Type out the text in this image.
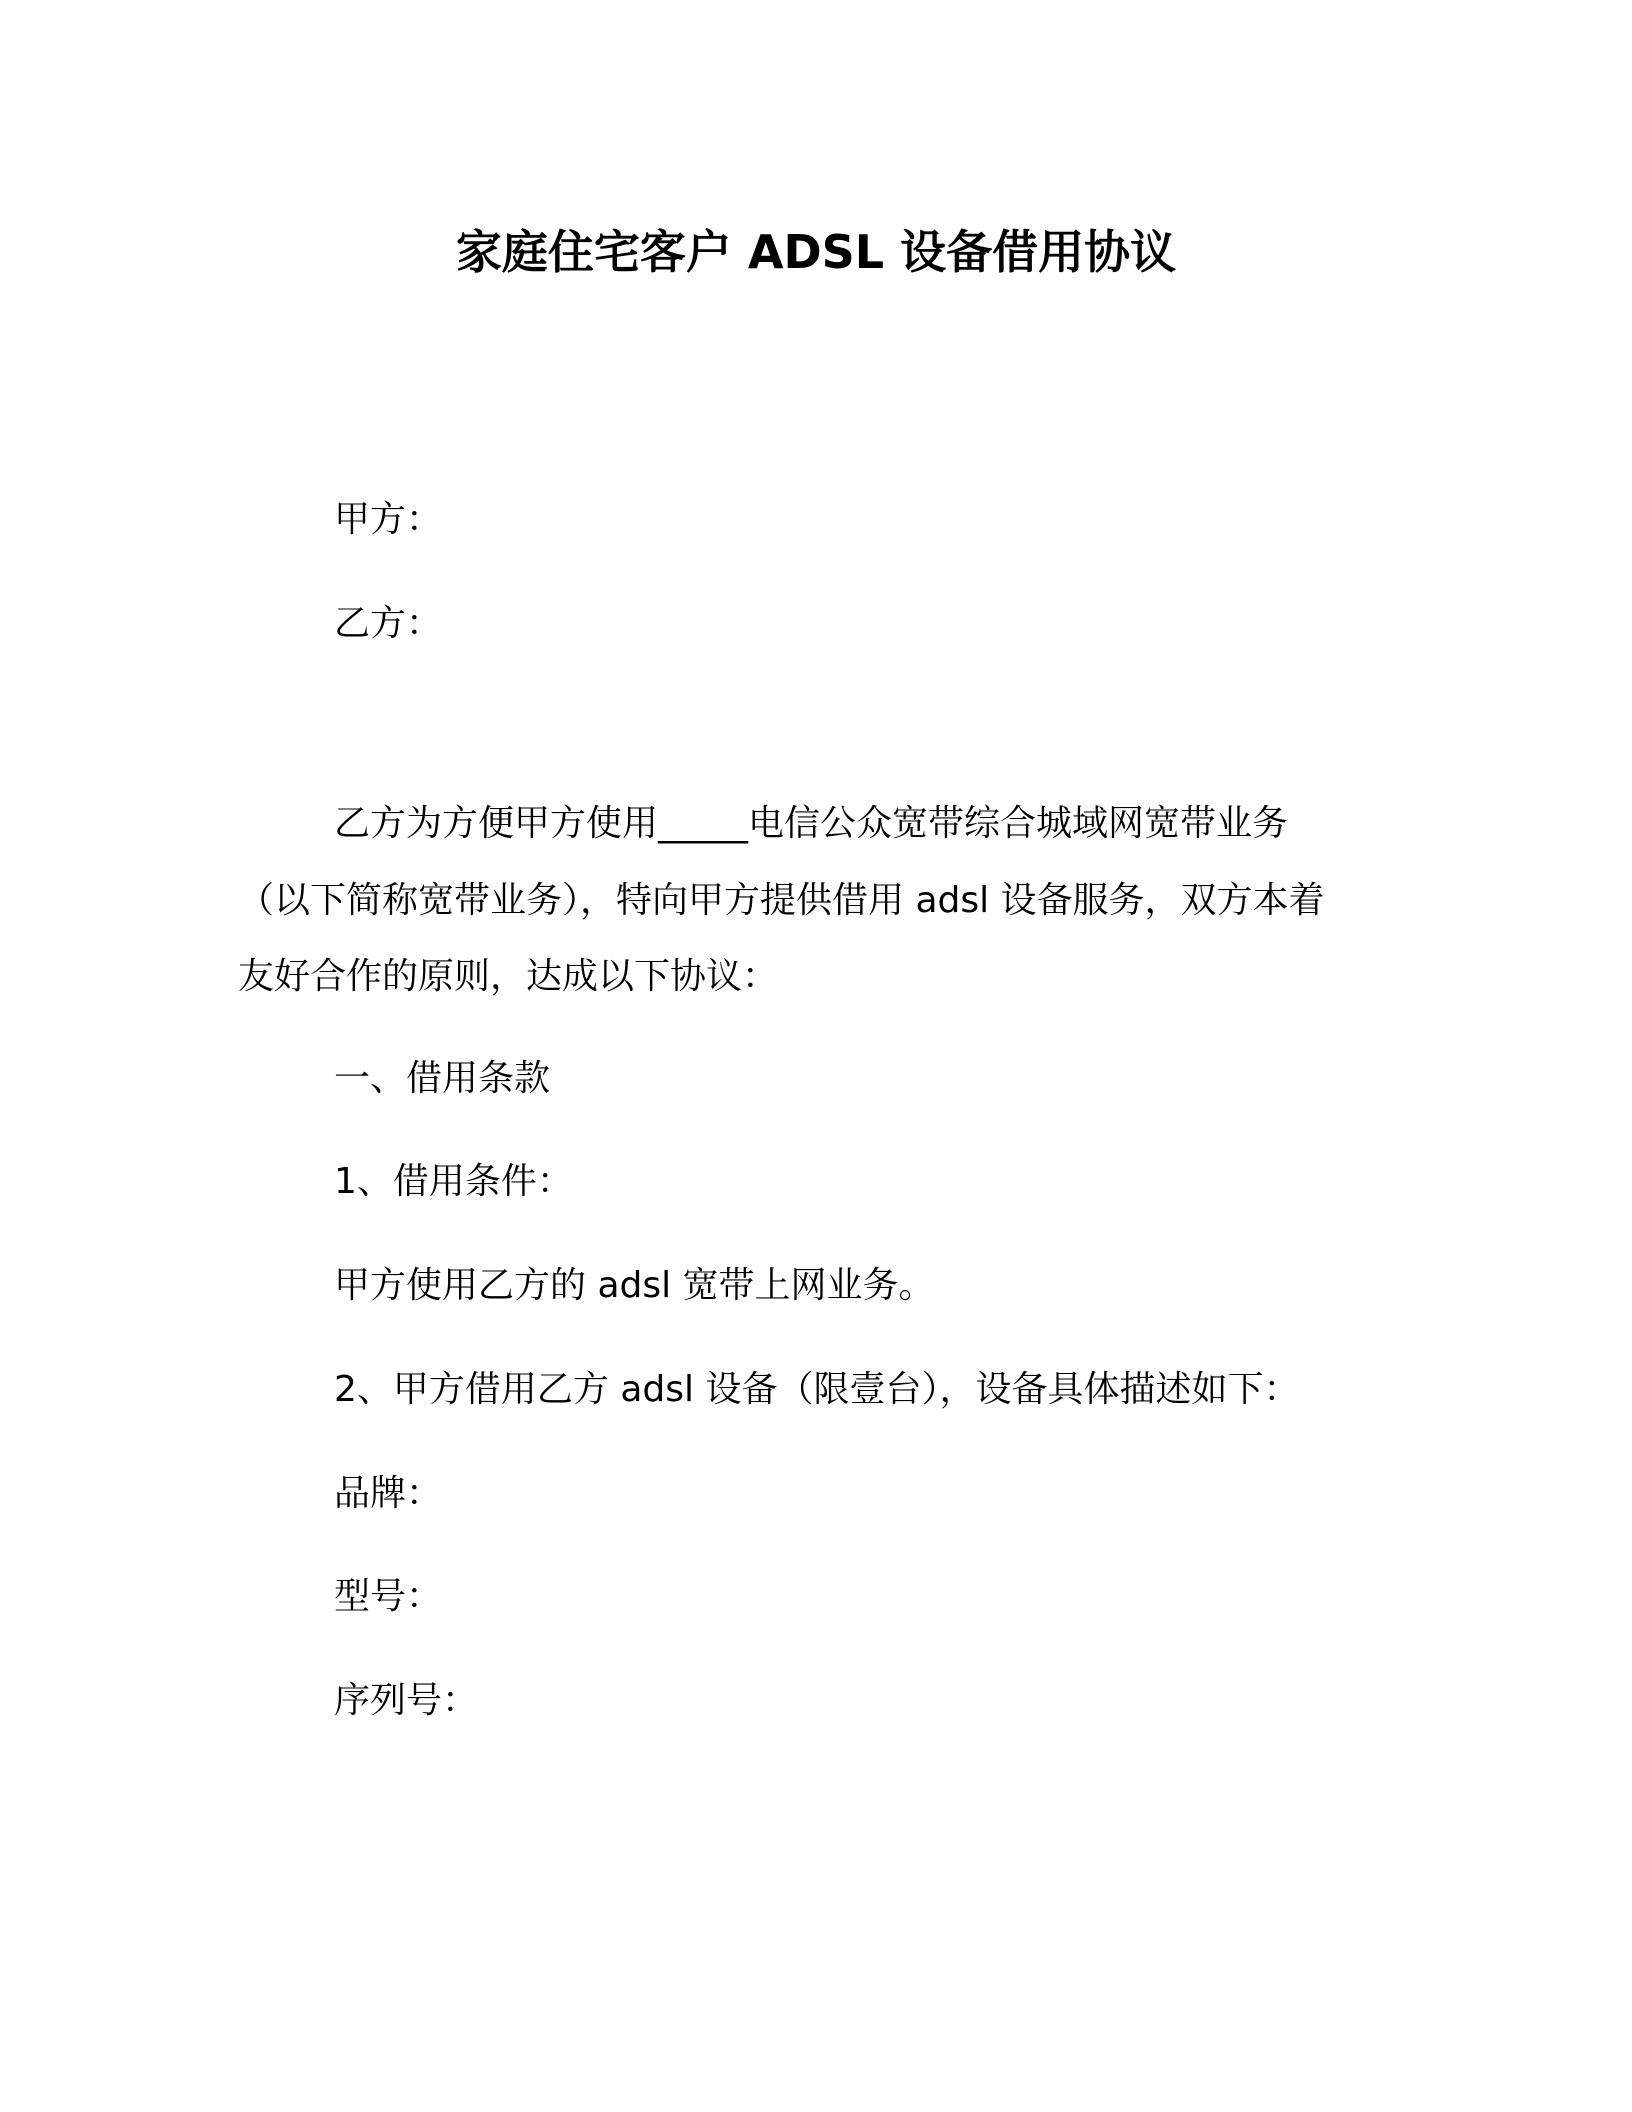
家庭住宅客户 ADSL 设备借用协议
甲方：
乙方：
乙方为方便甲方使用_____电信公众宽带综合城域网宽带业务
（以下简称宽带业务），特向甲方提供借用 adsl 设备服务，双方本着
友好合作的原则，达成以下协议：
一、借用条款
1、借用条件：
甲方使用乙方的 adsl 宽带上网业务。
2、甲方借用乙方 adsl 设备（限壹台），设备具体描述如下：
品牌：
型号：
序列号：
